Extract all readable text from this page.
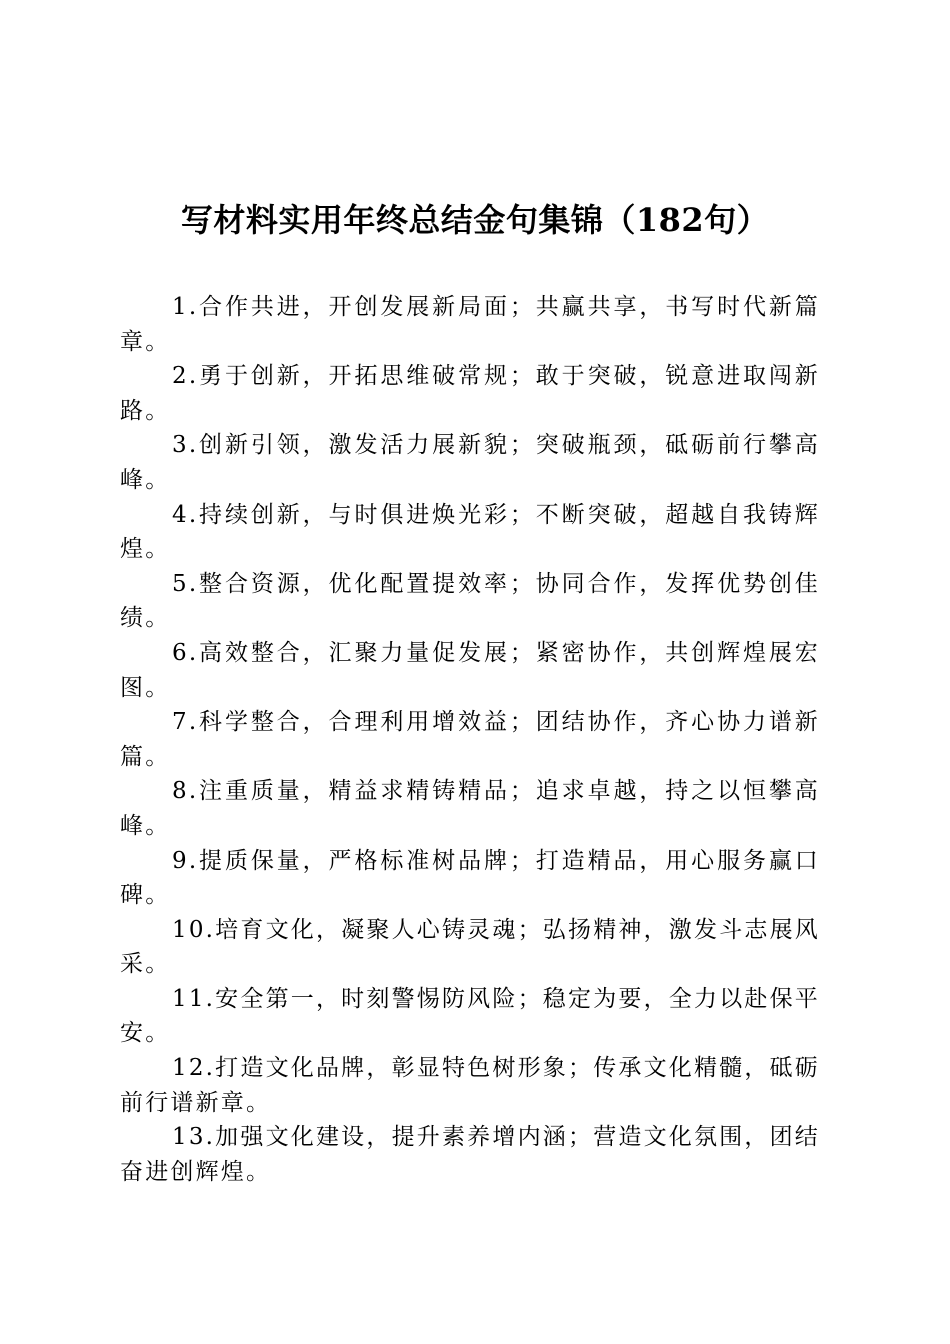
写材料实用年终总结金句集锦（182句）

1.合作共进，开创发展新局面；共赢共享，书写时代新篇章。

2.勇于创新，开拓思维破常规；敢于突破，锐意进取闯新路。

3.创新引领，激发活力展新貌；突破瓶颈，砥砺前行攀高峰。

4.持续创新，与时俱进焕光彩；不断突破，超越自我铸辉煌。

5.整合资源，优化配置提效率；协同合作，发挥优势创佳绩。

6.高效整合，汇聚力量促发展；紧密协作，共创辉煌展宏图。

7.科学整合，合理利用增效益；团结协作，齐心协力谱新篇。

8.注重质量，精益求精铸精品；追求卓越，持之以恒攀高峰。

9.提质保量，严格标准树品牌；打造精品，用心服务赢口碑。

10.培育文化，凝聚人心铸灵魂；弘扬精神，激发斗志展风采。

11.安全第一，时刻警惕防风险；稳定为要，全力以赴保平安。

12.打造文化品牌，彰显特色树形象；传承文化精髓，砥砺前行谱新章。

13.加强文化建设，提升素养增内涵；营造文化氛围，团结奋进创辉煌。
